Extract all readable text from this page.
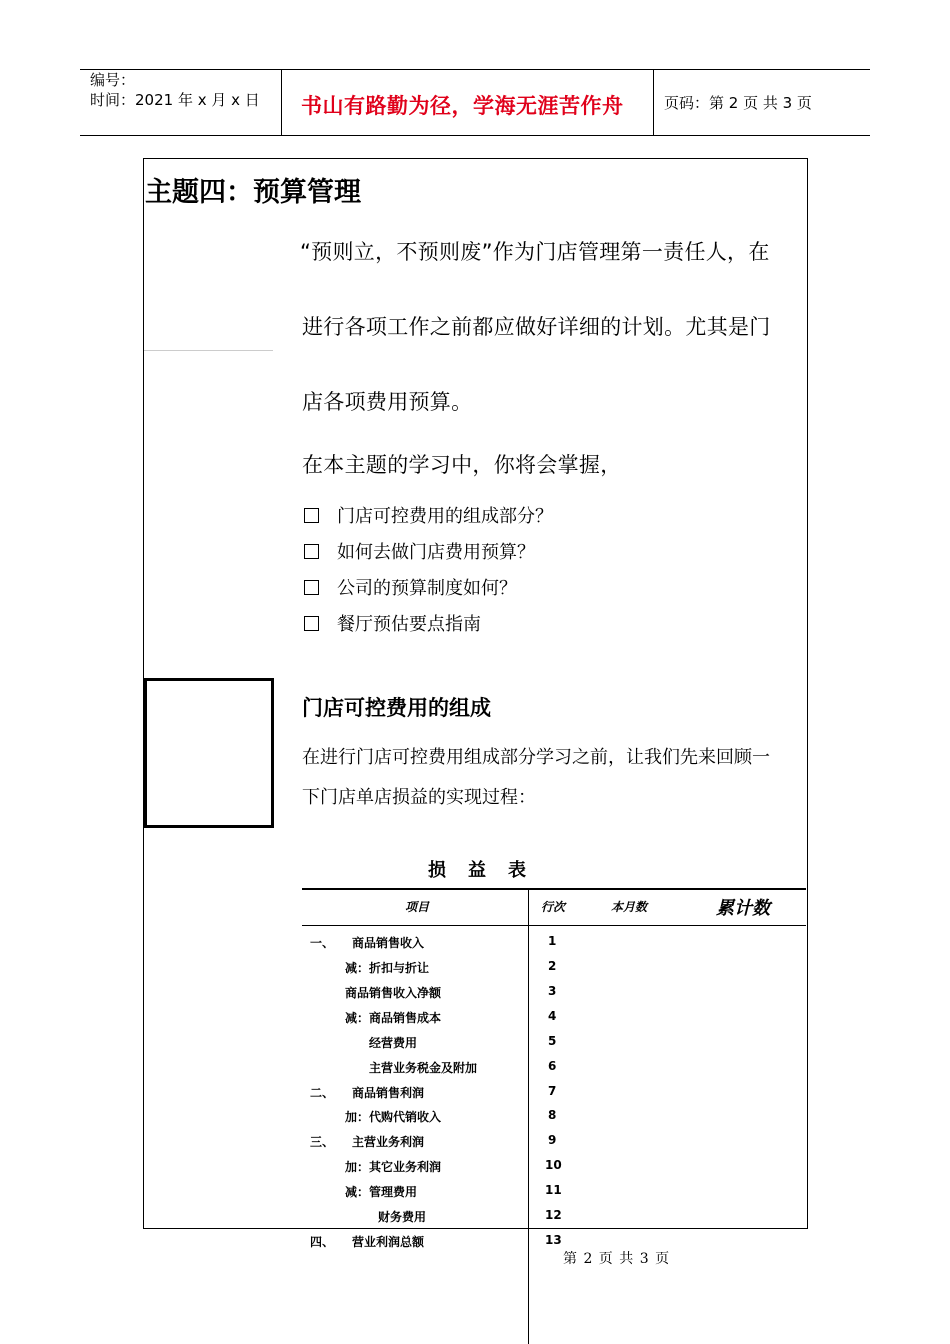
编号：
时间：2021 年 x 月 x 日 书山有路勤为径，学海无涯苦作舟	页码：第 2 页 共 3 页
主题四：预算管理
“预则立，不预则废”作为门店管理第一责任人，在
进行各项工作之前都应做好详细的计划。尤其是门
店各项费用预算。
在本主题的学习中，你将会掌握，
门店可控费用的组成部分？
如何去做门店费用预算？
公司的预算制度如何？
餐厅预估要点指南
门店可控费用的组成
在进行门店可控费用组成部分学习之前，让我们先来回顾一
下门店单店损益的实现过程：
损益表
项目	行次	本月数	累计数
一、 商品销售收入	1
减：折扣与折让	2
商品销售收入净额	3
减：商品销售成本	4
经营费用	5
主营业务税金及附加	6
二、 商品销售利润	7
加：代购代销收入	8
三、 主营业务利润	9
加：其它业务利润	10
减：管理费用	11
财务费用	12
四、 营业利润总额	13
第 2 页 共 3 页
